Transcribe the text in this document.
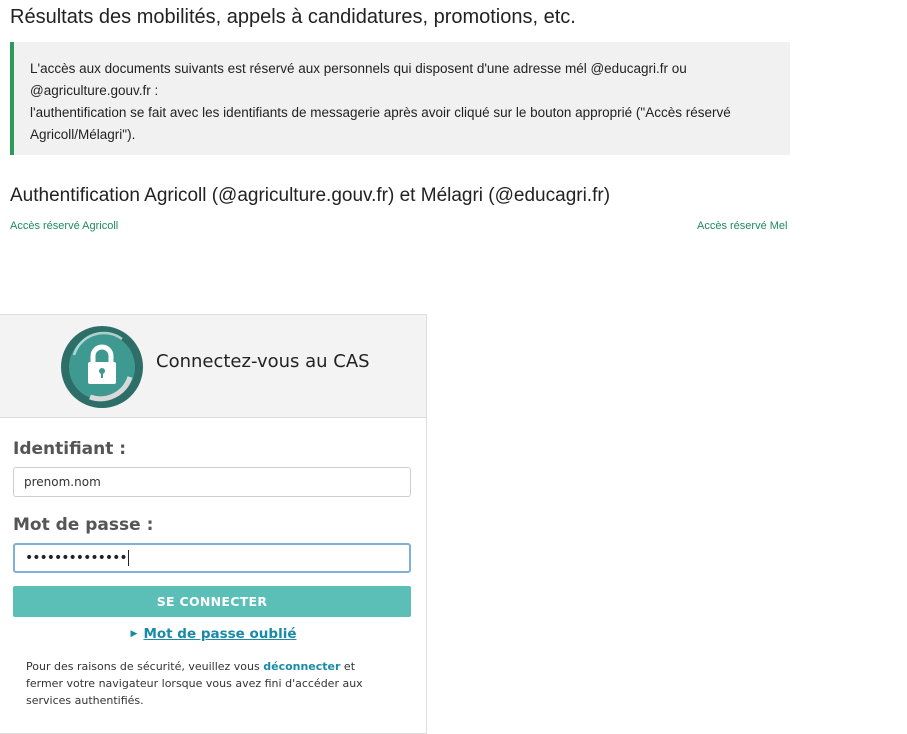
Résultats des mobilités, appels à candidatures, promotions, etc.

L'accès aux documents suivants est réservé aux personnels qui disposent d'une adresse mél @educagri.fr ou

@agriculture.gouv.fr :

l'authentification se fait avec les identifiants de messagerie après avoir cliqué sur le bouton approprié ("Accès réservé

Agricoll/Mélagri").

Authentification Agricoll (@agriculture.gouv.fr) et Mélagri (@educagri.fr)
Accès réservé Agricoll	Accès réservé Mel
Connectez-vous au CAS
Identifiant :
prenom.nom
Mot de passe :
••••••••••••••
SE CONNECTER
▶ Mot de passe oublié

Pour des raisons de sécurité, veuillez vous déconnecter et fermer votre navigateur lorsque vous avez fini d'accéder aux services authentifiés.
